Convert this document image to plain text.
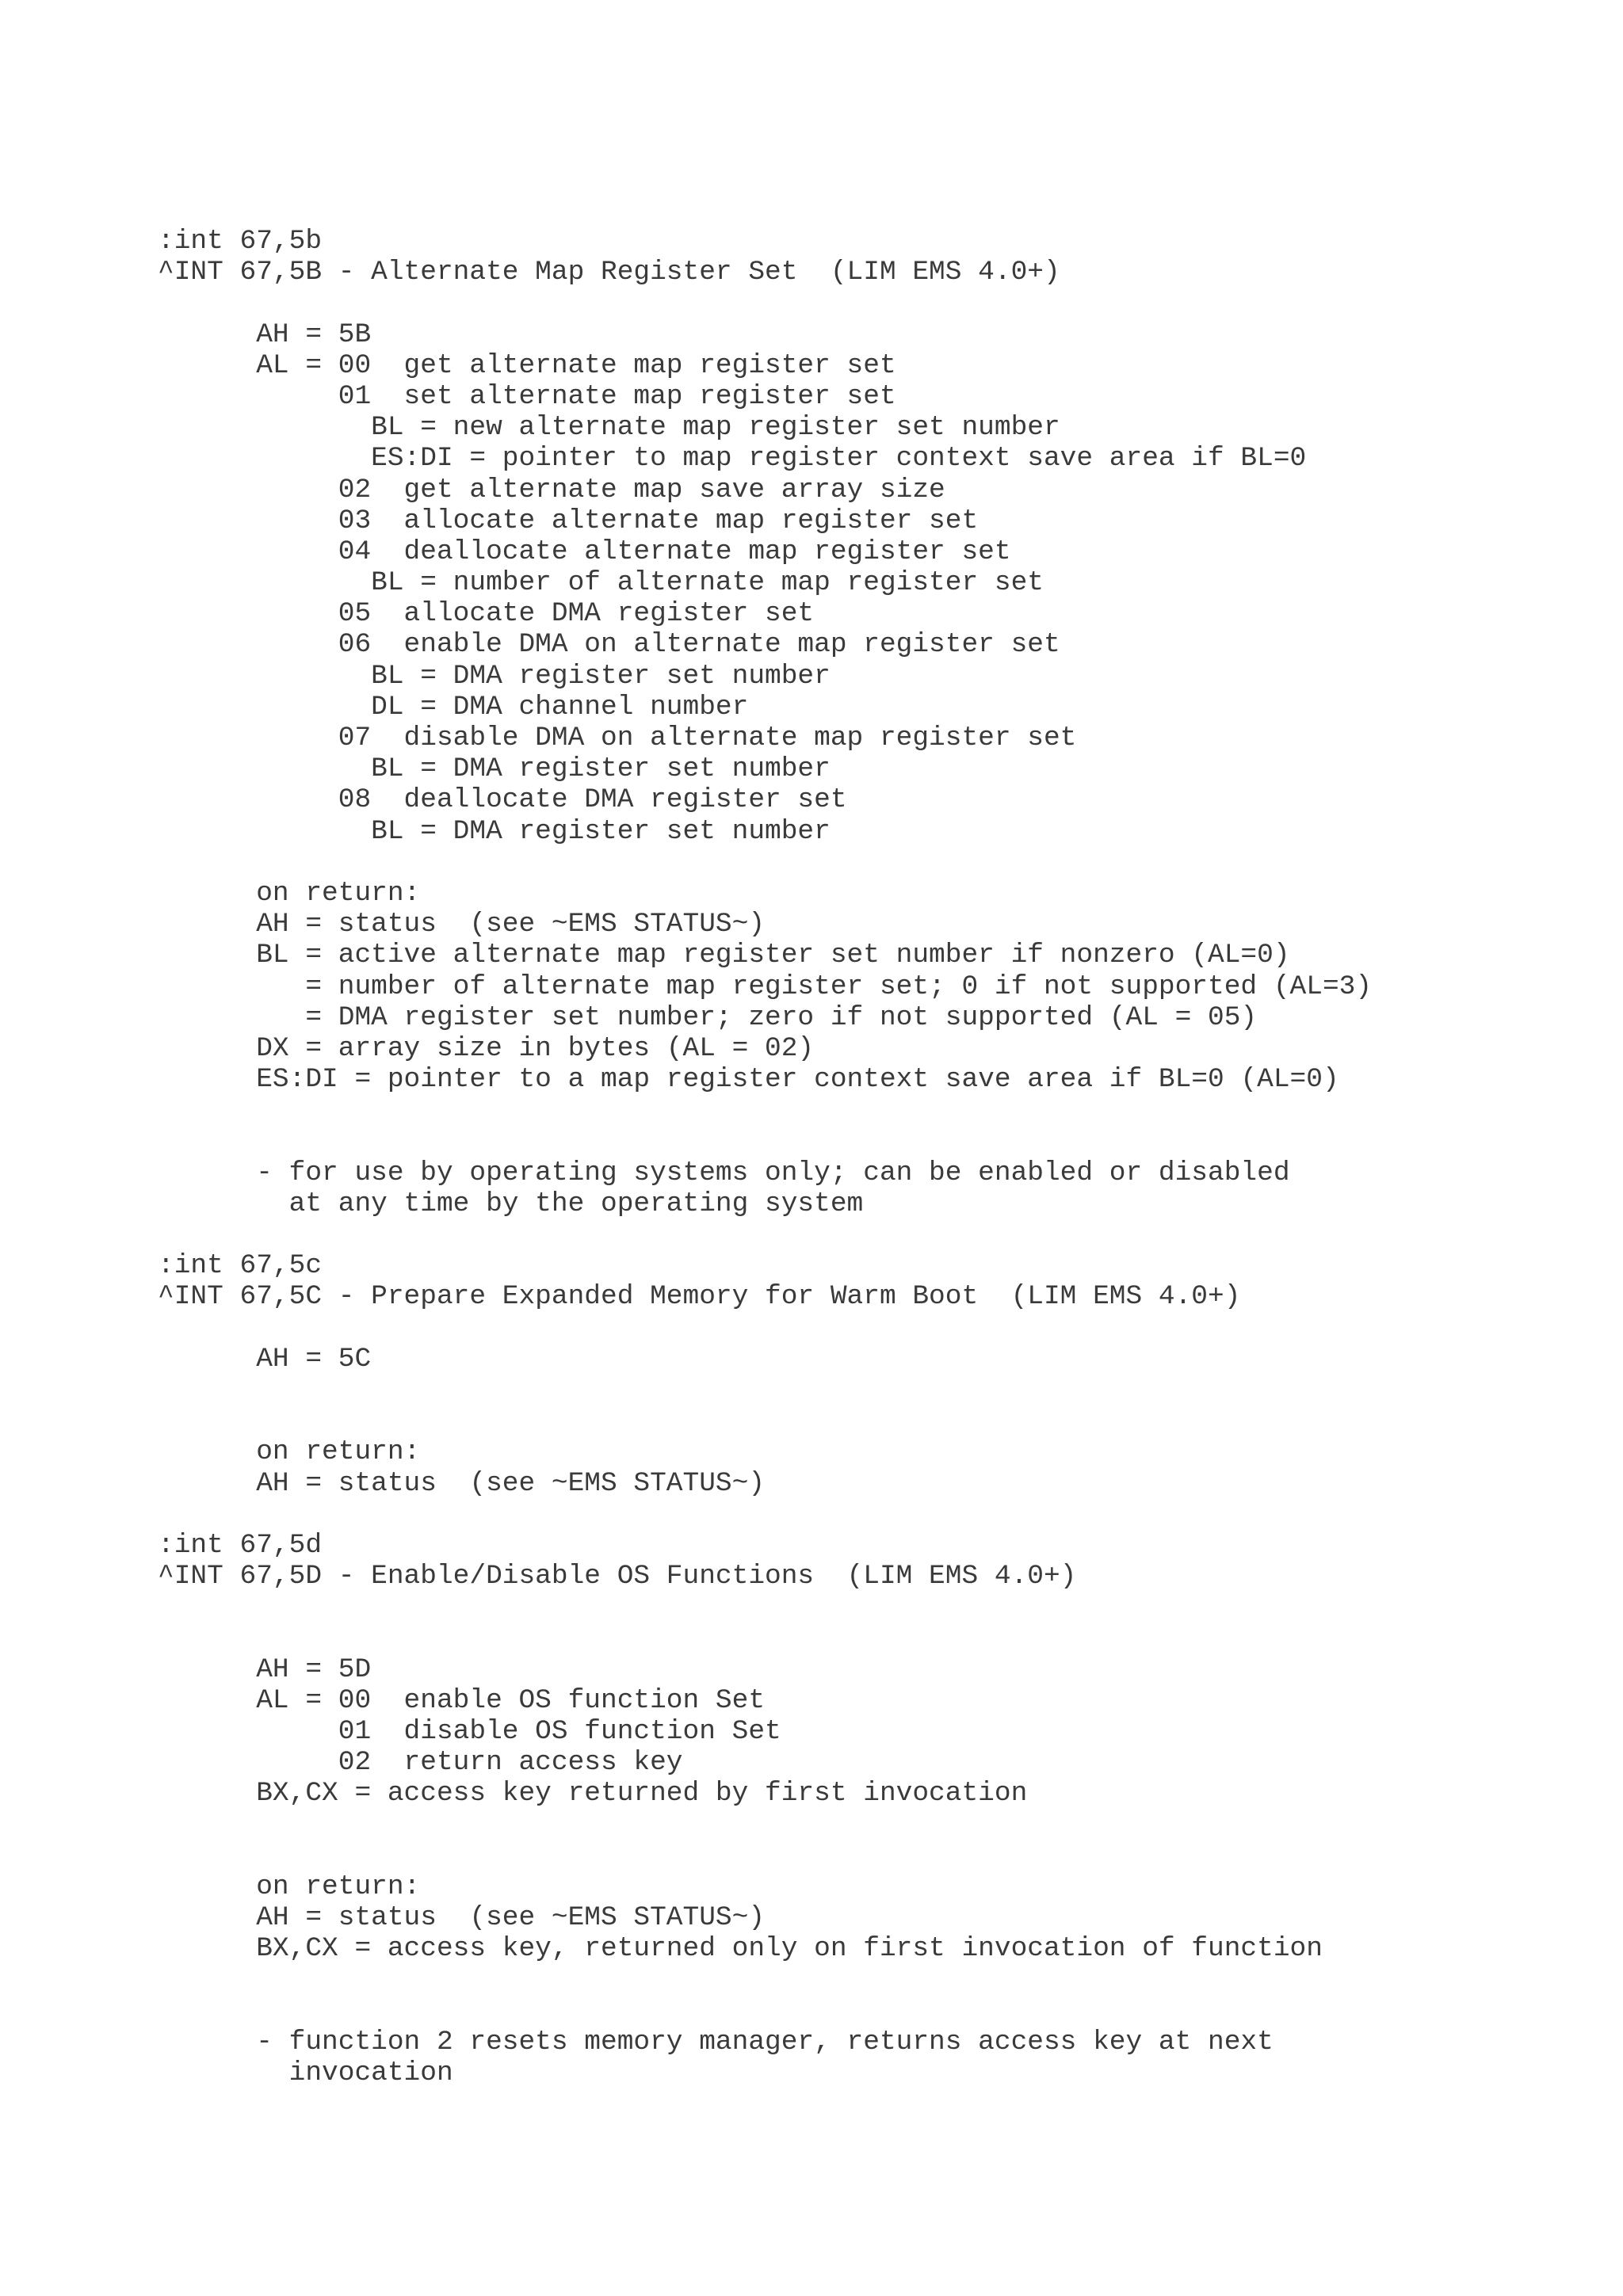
:int 67,5b
^INT 67,5B - Alternate Map Register Set  (LIM EMS 4.0+)
AH = 5B
AL = 00  get alternate map register set
01  set alternate map register set
BL = new alternate map register set number
ES:DI = pointer to map register context save area if BL=0
02  get alternate map save array size
03  allocate alternate map register set
04  deallocate alternate map register set
BL = number of alternate map register set
05  allocate DMA register set
06  enable DMA on alternate map register set
BL = DMA register set number
DL = DMA channel number
07  disable DMA on alternate map register set
BL = DMA register set number
08  deallocate DMA register set
BL = DMA register set number
on return:
AH = status  (see ~EMS STATUS~)
BL = active alternate map register set number if nonzero (AL=0)
= number of alternate map register set; 0 if not supported (AL=3)
= DMA register set number; zero if not supported (AL = 05)
DX = array size in bytes (AL = 02)
ES:DI = pointer to a map register context save area if BL=0 (AL=0)
- for use by operating systems only; can be enabled or disabled
at any time by the operating system
:int 67,5c
^INT 67,5C - Prepare Expanded Memory for Warm Boot  (LIM EMS 4.0+)
AH = 5C
on return:
AH = status  (see ~EMS STATUS~)
:int 67,5d
^INT 67,5D - Enable/Disable OS Functions  (LIM EMS 4.0+)
AH = 5D
AL = 00  enable OS function Set
01  disable OS function Set
02  return access key
BX,CX = access key returned by first invocation
on return:
AH = status  (see ~EMS STATUS~)
BX,CX = access key, returned only on first invocation of function
- function 2 resets memory manager, returns access key at next
invocation
